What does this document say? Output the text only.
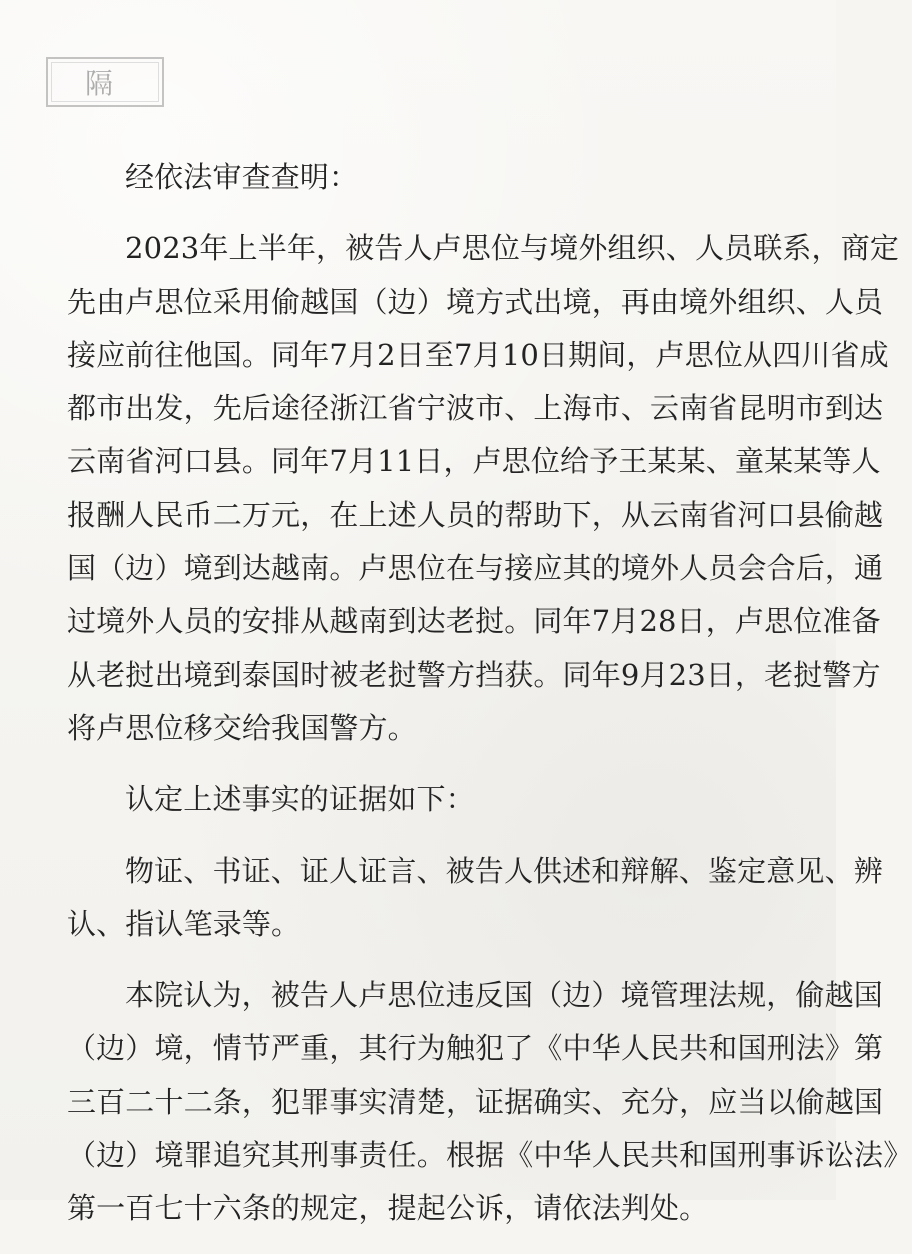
隔

经依法审查查明：

2023年上半年，被告人卢思位与境外组织、人员联系，商定
先由卢思位采用偷越国（边）境方式出境，再由境外组织、人员
接应前往他国。同年7月2日至7月10日期间，卢思位从四川省成
都市出发，先后途径浙江省宁波市、上海市、云南省昆明市到达
云南省河口县。同年7月11日，卢思位给予王某某、童某某等人
报酬人民币二万元，在上述人员的帮助下，从云南省河口县偷越
国（边）境到达越南。卢思位在与接应其的境外人员会合后，通
过境外人员的安排从越南到达老挝。同年7月28日，卢思位准备
从老挝出境到泰国时被老挝警方挡获。同年9月23日，老挝警方
将卢思位移交给我国警方。

认定上述事实的证据如下：

物证、书证、证人证言、被告人供述和辩解、鉴定意见、辨
认、指认笔录等。

本院认为，被告人卢思位违反国（边）境管理法规，偷越国
（边）境，情节严重，其行为触犯了《中华人民共和国刑法》第
三百二十二条，犯罪事实清楚，证据确实、充分，应当以偷越国
（边）境罪追究其刑事责任。根据《中华人民共和国刑事诉讼法》
第一百七十六条的规定，提起公诉，请依法判处。
